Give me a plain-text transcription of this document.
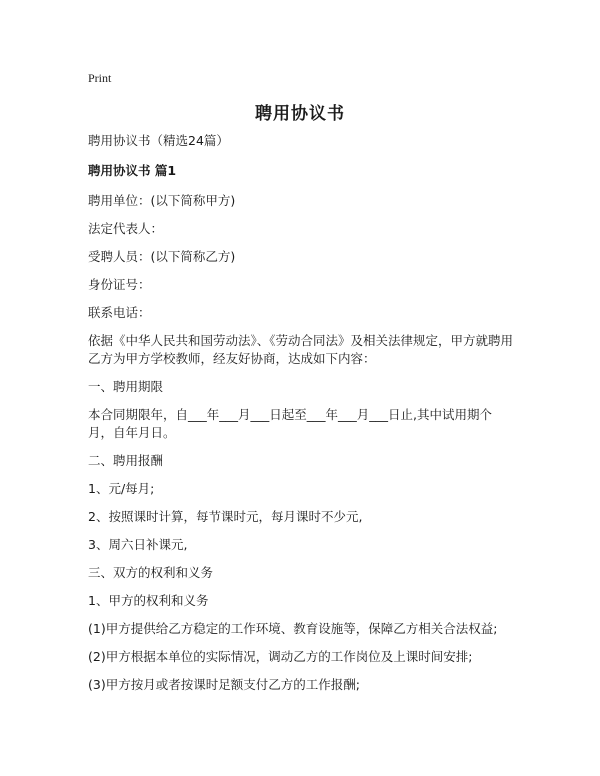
Print
聘用协议书

聘用协议书（精选24篇）

聘用协议书 篇1

聘用单位：(以下简称甲方)

法定代表人：

受聘人员：(以下简称乙方)

身份证号：

联系电话：

依据《中华人民共和国劳动法》、《劳动合同法》及相关法律规定，甲方就聘用乙方为甲方学校教师，经友好协商，达成如下内容：

一、聘用期限

本合同期限年，自___年___月___日起至___年___月___日止,其中试用期个月，自年月日。

二、聘用报酬

1、元/每月;

2、按照课时计算，每节课时元，每月课时不少元,

3、周六日补课元,

三、双方的权利和义务

1、甲方的权利和义务

(1)甲方提供给乙方稳定的工作环境、教育设施等，保障乙方相关合法权益;

(2)甲方根据本单位的实际情况，调动乙方的工作岗位及上课时间安排;

(3)甲方按月或者按课时足额支付乙方的工作报酬;
